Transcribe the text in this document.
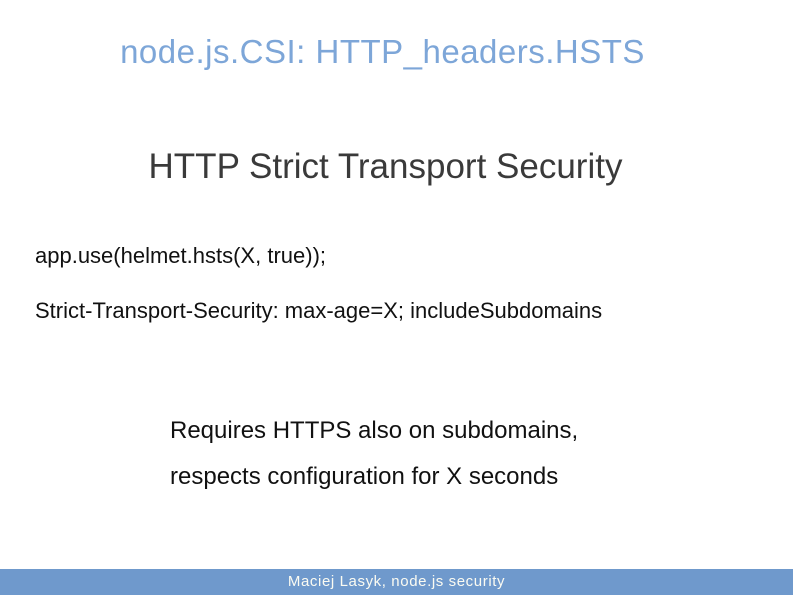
node.js.CSI: HTTP_headers.HSTS
HTTP Strict Transport Security
app.use(helmet.hsts(X, true));
Strict-Transport-Security: max-age=X; includeSubdomains
Requires HTTPS also on subdomains,
respects configuration for X seconds
Maciej Lasyk, node.js security
